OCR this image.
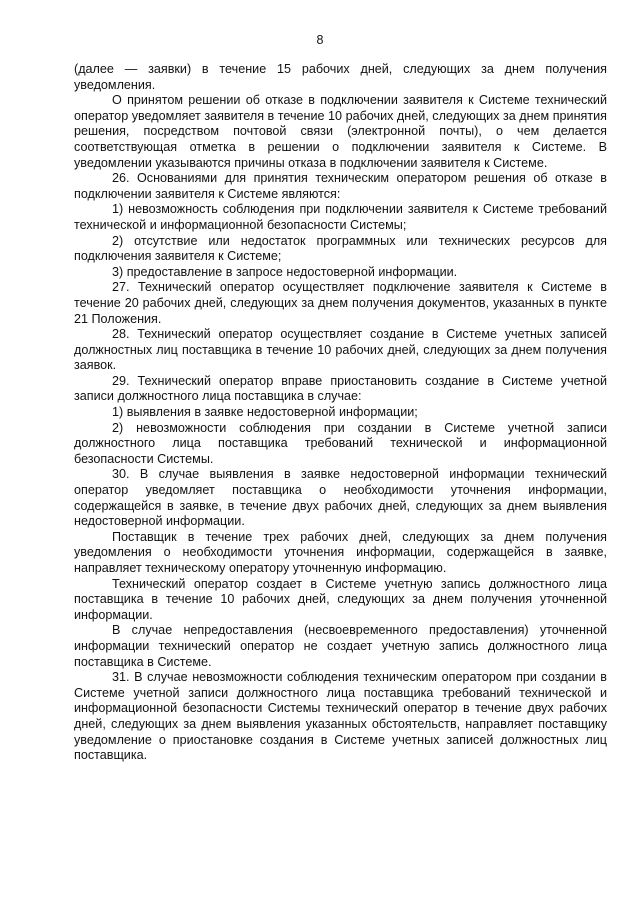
8

(далее — заявки) в течение 15 рабочих дней, следующих за днем получения уведомления.

О принятом решении об отказе в подключении заявителя к Системе технический оператор уведомляет заявителя в течение 10 рабочих дней, следующих за днем принятия решения, посредством почтовой связи (электронной почты), о чем делается соответствующая отметка в решении о подключении заявителя к Системе. В уведомлении указываются причины отказа в подключении заявителя к Системе.

26. Основаниями для принятия техническим оператором решения об отказе в подключении заявителя к Системе являются:

1) невозможность соблюдения при подключении заявителя к Системе требований технической и информационной безопасности Системы;

2) отсутствие или недостаток программных или технических ресурсов для подключения заявителя к Системе;

3) предоставление в запросе недостоверной информации.

27. Технический оператор осуществляет подключение заявителя к Системе в течение 20 рабочих дней, следующих за днем получения документов, указанных в пункте 21 Положения.

28. Технический оператор осуществляет создание в Системе учетных записей должностных лиц поставщика в течение 10 рабочих дней, следующих за днем получения заявок.

29. Технический оператор вправе приостановить создание в Системе учетной записи должностного лица поставщика в случае:

1) выявления в заявке недостоверной информации;

2) невозможности соблюдения при создании в Системе учетной записи должностного лица поставщика требований технической и информационной безопасности Системы.

30. В случае выявления в заявке недостоверной информации технический оператор уведомляет поставщика о необходимости уточнения информации, содержащейся в заявке, в течение двух рабочих дней, следующих за днем выявления недостоверной информации.

Поставщик в течение трех рабочих дней, следующих за днем получения уведомления о необходимости уточнения информации, содержащейся в заявке, направляет техническому оператору уточненную информацию.

Технический оператор создает в Системе учетную запись должностного лица поставщика в течение 10 рабочих дней, следующих за днем получения уточненной информации.

В случае непредоставления (несвоевременного предоставления) уточненной информации технический оператор не создает учетную запись должностного лица поставщика в Системе.

31. В случае невозможности соблюдения техническим оператором при создании в Системе учетной записи должностного лица поставщика требований технической и информационной безопасности Системы технический оператор в течение двух рабочих дней, следующих за днем выявления указанных обстоятельств, направляет поставщику уведомление о приостановке создания в Системе учетных записей должностных лиц поставщика.
